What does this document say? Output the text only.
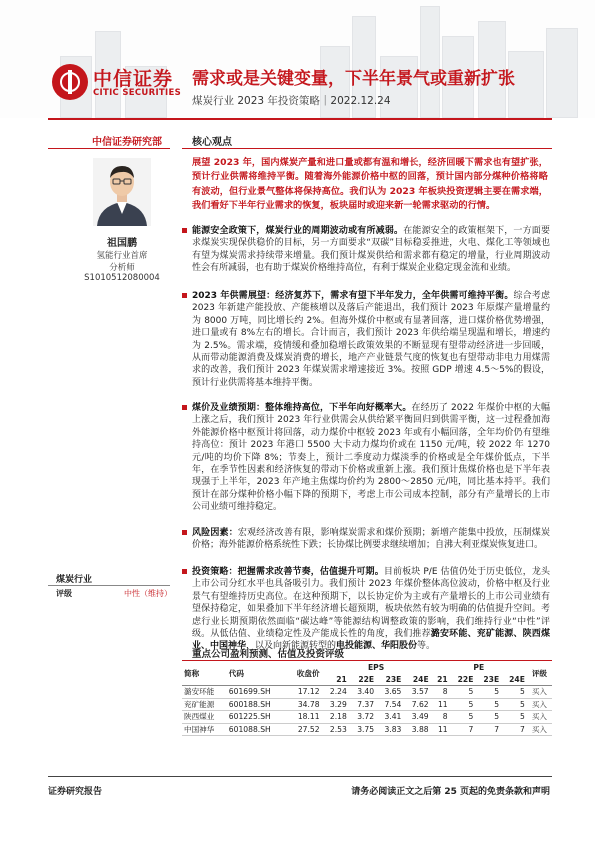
中信证券
CITIC SECURITIES
需求或是关键变量，下半年景气或重新扩张
煤炭行业 2023 年投资策略｜2022.12.24
中信证券研究部
祖国鹏
氢能行业首席
分析师
S1010512080004
煤炭行业
评级	中性（维持）
核心观点
展望 2023 年，国内煤炭产量和进口量或都有温和增长，经济回暖下需求也有望扩张，预计行业供需将维持平衡。随着海外能源价格中枢的回落，预计国内部分煤种价格将略有波动，但行业景气整体将保持高位。我们认为 2023 年板块投资逻辑主要在需求端，我们看好下半年行业需求的恢复，板块届时或迎来新一轮需求驱动的行情。
能源安全政策下，煤炭行业的周期波动或有所减弱。在能源安全的政策框架下，一方面要求煤炭实现保供稳价的目标，另一方面要求“双碳”目标稳妥推进，火电、煤化工等领域也有望为煤炭需求持续带来增量。我们预计煤炭供给和需求都有稳定的增量，行业周期波动性会有所减弱，也有助于煤炭价格维持高位，有利于煤炭企业稳定现金流和业绩。
2023 年供需展望：经济复苏下，需求有望下半年发力，全年供需可维持平衡。综合考虑 2023 年新建产能投放、产能核增以及落后产能退出，我们预计 2023 年原煤产量增量约为 8000 万吨，同比增长约 2%。但海外煤价中枢或有显著回落，进口煤价格优势增强，进口量或有 8%左右的增长。合计而言，我们预计 2023 年供给端呈现温和增长，增速约为 2.5%。需求端，疫情缓和叠加稳增长政策效果的不断显现有望带动经济进一步回暖，从而带动能源消费及煤炭消费的增长，地产产业链景气度的恢复也有望带动非电力用煤需求的改善，我们预计 2023 年煤炭需求增速接近 3%。按照 GDP 增速 4.5～5%的假设，预计行业供需将基本维持平衡。
煤价及业绩预期：整体维持高位，下半年向好概率大。在经历了 2022 年煤价中枢的大幅上涨之后，我们预计 2023 年行业供需会从供给紧平衡回归到供需平衡，这一过程叠加海外能源价格中枢预计将回落，动力煤价中枢较 2023 年或有小幅回落，全年均价仍有望维持高位：预计 2023 年港口 5500 大卡动力煤均价或在 1150 元/吨，较 2022 年 1270 元/吨的均价下降 8%；节奏上，预计二季度动力煤淡季的价格或是全年煤价低点，下半年，在季节性因素和经济恢复的带动下价格或重新上涨。我们预计焦煤价格也是下半年表现强于上半年，2023 年产地主焦煤均价约为 2800～2850 元/吨，同比基本持平。我们预计在部分煤种价格小幅下降的预期下，考虑上市公司成本控制，部分有产量增长的上市公司业绩可维持稳定。
风险因素：宏观经济改善有限，影响煤炭需求和煤价预期；新增产能集中投放，压制煤炭价格；海外能源价格系统性下跌；长协煤比例要求继续增加；自沸大利亚煤炭恢复进口。
投资策略：把握需求改善节奏，估值提升可期。目前板块 P/E 估值仍处于历史低位，龙头上市公司分红水平也具备吸引力。我们预计 2023 年煤价整体高位波动，价格中枢及行业景气有望维持历史高位。在这种预期下，以长协定价为主或有产量增长的上市公司业绩有望保持稳定，如果叠加下半年经济增长超预期，板块依然有较为明确的估值提升空间。考虑行业长期预期依然面临“碳达峰”等能源结构调整政策的影响，我们维持行业“中性”评级。从低估值、业绩稳定性及产能成长性的角度，我们推荐潞安环能、兖矿能源、陕西煤业、中国神华，以及向新能源转型的电投能源、华阳股份等。
重点公司盈利预测、估值及投资评级
简称	代码	收盘价	EPS				PE				评级
			21	22E	23E	24E	21	22E	23E	24E	
潞安环能	601699.SH	17.12	2.24	3.40	3.65	3.57	8	5	5	5	买入
兖矿能源	600188.SH	34.78	3.29	7.37	7.54	7.62	11	5	5	5	买入
陕西煤业	601225.SH	18.11	2.18	3.72	3.41	3.49	8	5	5	5	买入
中国神华	601088.SH	27.52	2.53	3.75	3.83	3.88	11	7	7	7	买入
证券研究报告	请务必阅读正文之后第 25 页起的免责条款和声明
